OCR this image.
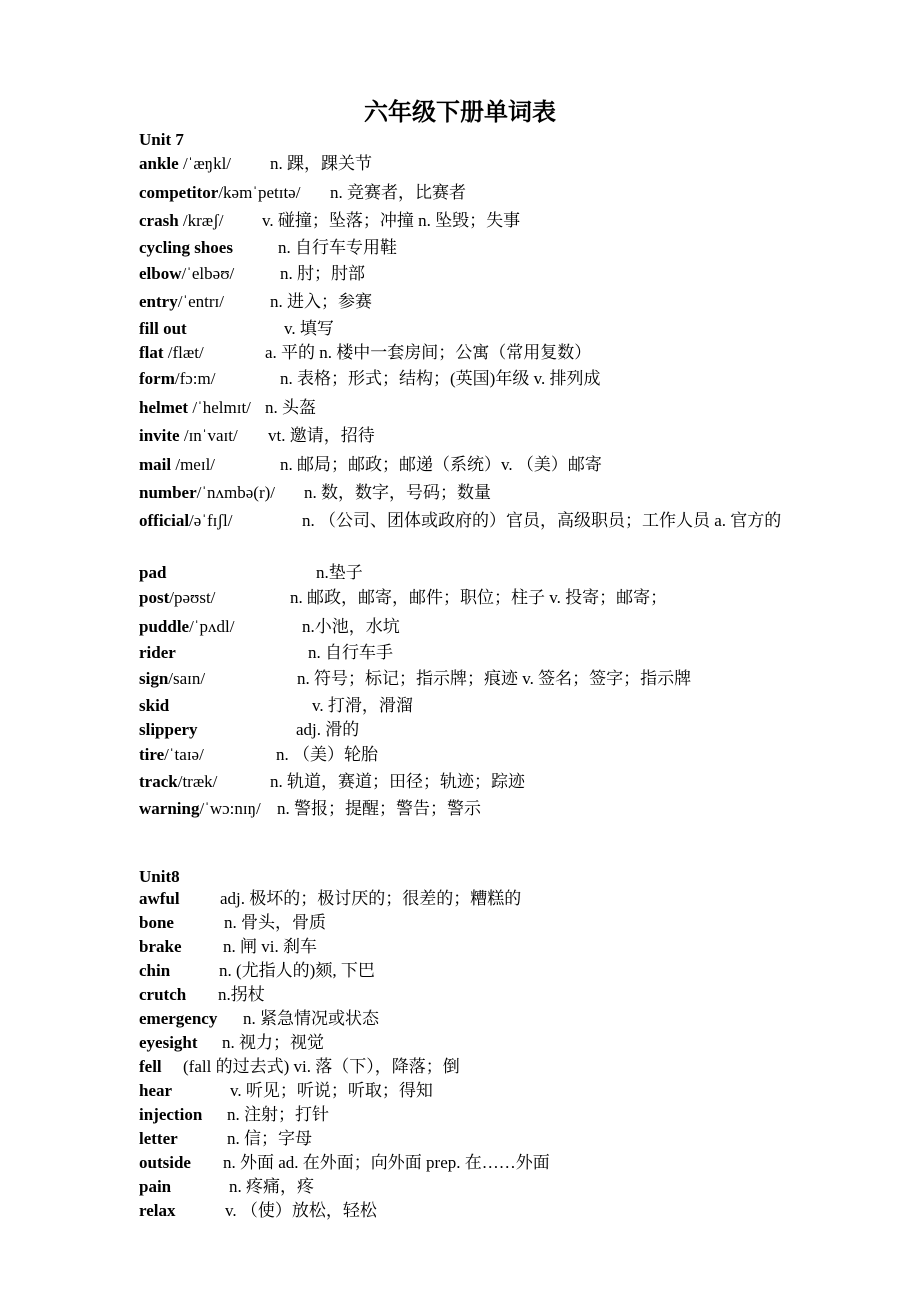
六年级下册单词表
Unit 7
ankle /ˈæŋkl/ n. 踝，踝关节
competitor/kəmˈpetɪtə/ n. 竞赛者，比赛者
crash /kræʃ/ v. 碰撞；坠落；冲撞 n. 坠毁；失事
cycling shoes	n. 自行车专用鞋
elbow/ˈelbəʊ/	n. 肘；肘部
entry/ˈentrɪ/	n. 进入；参赛
fill out	v. 填写
flat /flæt/	a. 平的 n. 楼中一套房间；公寓（常用复数）
form/fɔ:m/	n. 表格；形式；结构；(英国)年级 v. 排列成
helmet /ˈhelmɪt/ n. 头盔
invite /ɪnˈvaɪt/ vt. 邀请，招待
mail /meɪl/	n. 邮局；邮政；邮递（系统）v. （美）邮寄
number/ˈnʌmbə(r)/ n. 数，数字，号码；数量
official/əˈfɪʃl/	n. （公司、团体或政府的）官员，高级职员；工作人员 a. 官方的
pad	n.垫子
post/pəʊst/	n. 邮政，邮寄，邮件；职位；柱子 v. 投寄；邮寄；
puddle/ˈpʌdl/	n.小池，水坑
rider	n. 自行车手
sign/saɪn/	n. 符号；标记；指示牌；痕迹 v. 签名；签字；指示牌
skid	v. 打滑，滑溜
slippery	adj. 滑的
tire/ˈtaɪə/	n. （美）轮胎
track/træk/	n. 轨道，赛道；田径；轨迹；踪迹
warning/ˈwɔ:nɪŋ/ n. 警报；提醒；警告；警示
Unit8
awful adj. 极坏的；极讨厌的；很差的；糟糕的
bone	n. 骨头，骨质
brake n. 闸 vi. 刹车
chin	n. (尤指人的)颏, 下巴
crutch n.拐杖
emergency n. 紧急情况或状态
eyesight n. 视力；视觉
fell (fall 的过去式) vi. 落（下），降落；倒
hear	v. 听见；听说；听取；得知
injection n. 注射；打针
letter	n. 信；字母
outside n. 外面 ad. 在外面；向外面 prep. 在……外面
pain	n. 疼痛，疼
relax	v. （使）放松，轻松
